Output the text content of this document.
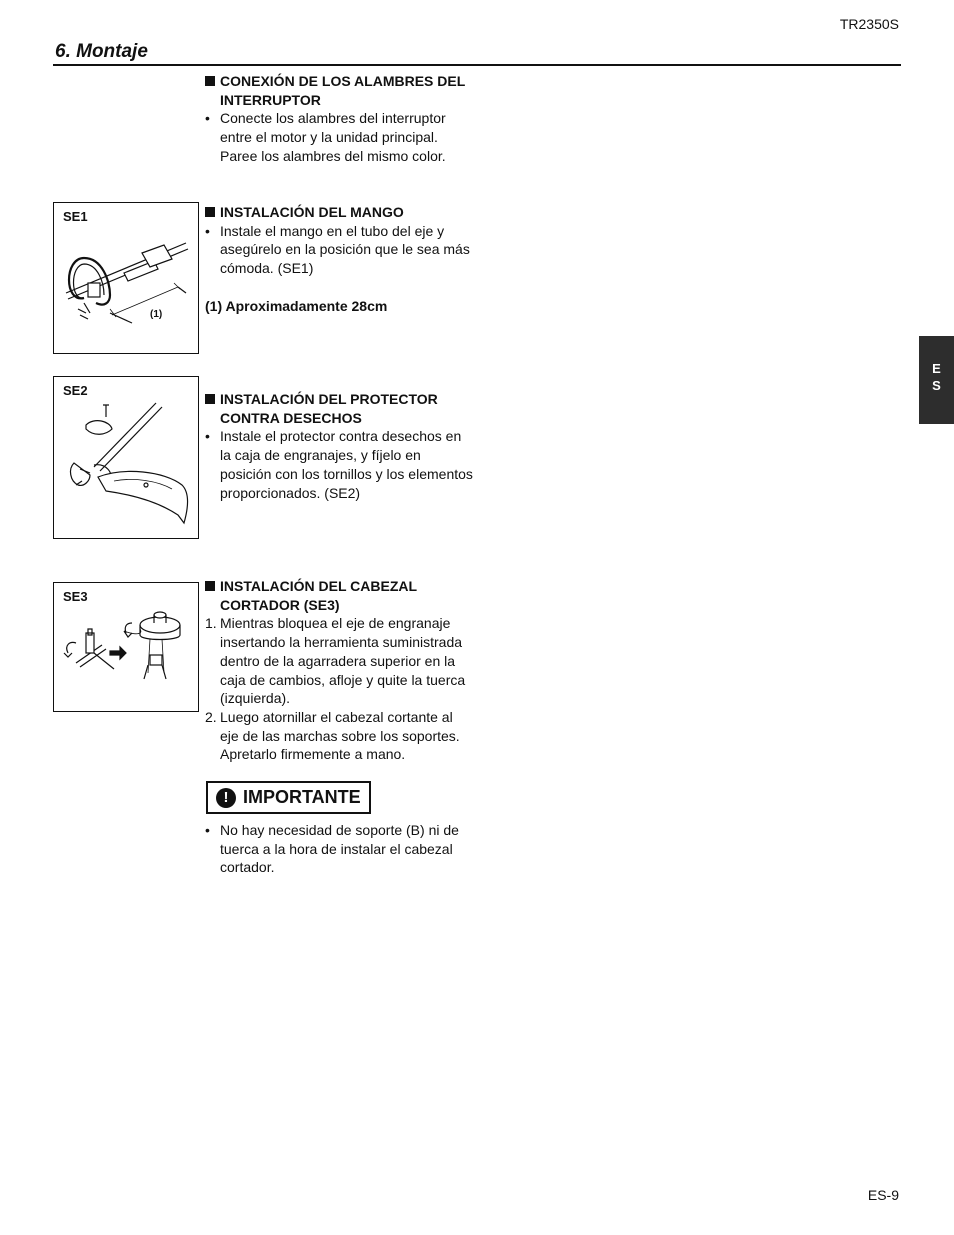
TR2350S
6. Montaje
E
S
CONEXIÓN DE LOS ALAMBRES DEL
INTERRUPTOR
• Conecte los alambres del interruptor entre el motor y la unidad principal. Paree los alambres del mismo color.
SE1
(1)
INSTALACIÓN DEL MANGO
• Instale el mango en el tubo del eje y asegúrelo en la posición que le sea más cómoda. (SE1)
(1) Aproximadamente 28cm
SE2
INSTALACIÓN DEL PROTECTOR
CONTRA DESECHOS
• Instale el protector contra desechos en la caja de engranajes, y fíjelo en posición con los tornillos y los elementos proporcionados. (SE2)
SE3
INSTALACIÓN DEL CABEZAL
CORTADOR (SE3)
1. Mientras bloquea el eje de engranaje insertando la herramienta suministrada dentro de la agarradera superior en la caja de cambios, afloje y quite la tuerca (izquierda).
2. Luego atornillar el cabezal cortante al eje de las marchas sobre los soportes. Apretarlo firmemente a mano.
! IMPORTANTE
• No hay necesidad de soporte (B) ni de tuerca a la hora de instalar el cabezal cortador.
ES-9
